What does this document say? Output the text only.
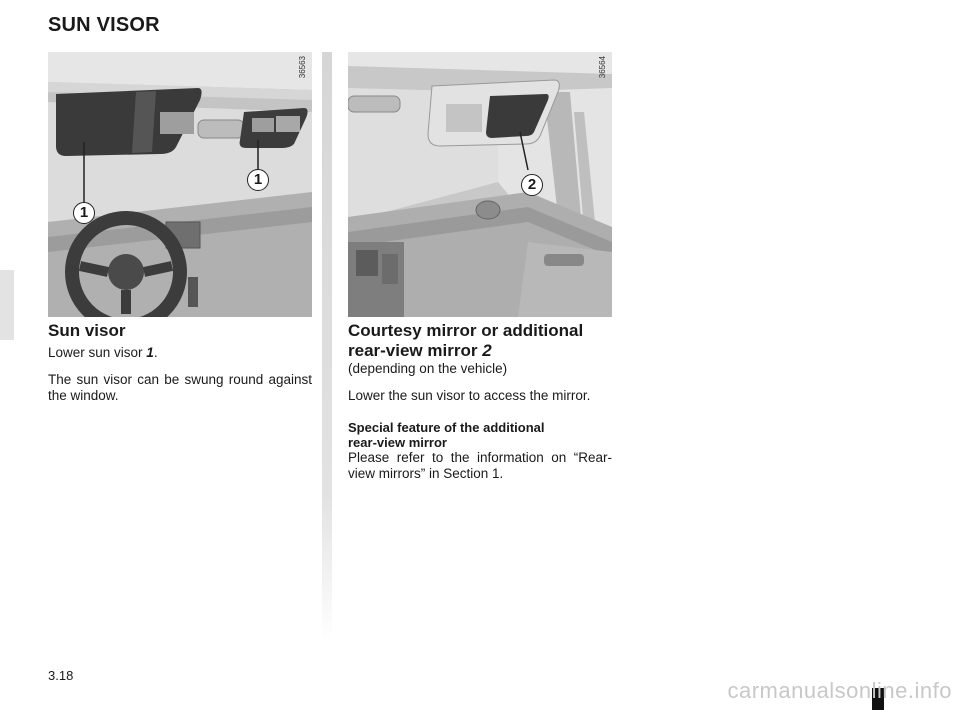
SUN VISOR
36563	36564
1
1	2
Sun visor

Lower sun visor 1.

The sun visor can be swung round against the window.

Courtesy mirror or additional
rear-view mirror 2

(depending on the vehicle)

Lower the sun visor to access the mirror.

Special feature of the additional
rear-view mirror

Please refer to the information on “Rear-view mirrors” in Section 1.

3.18
carmanualsonline.info
